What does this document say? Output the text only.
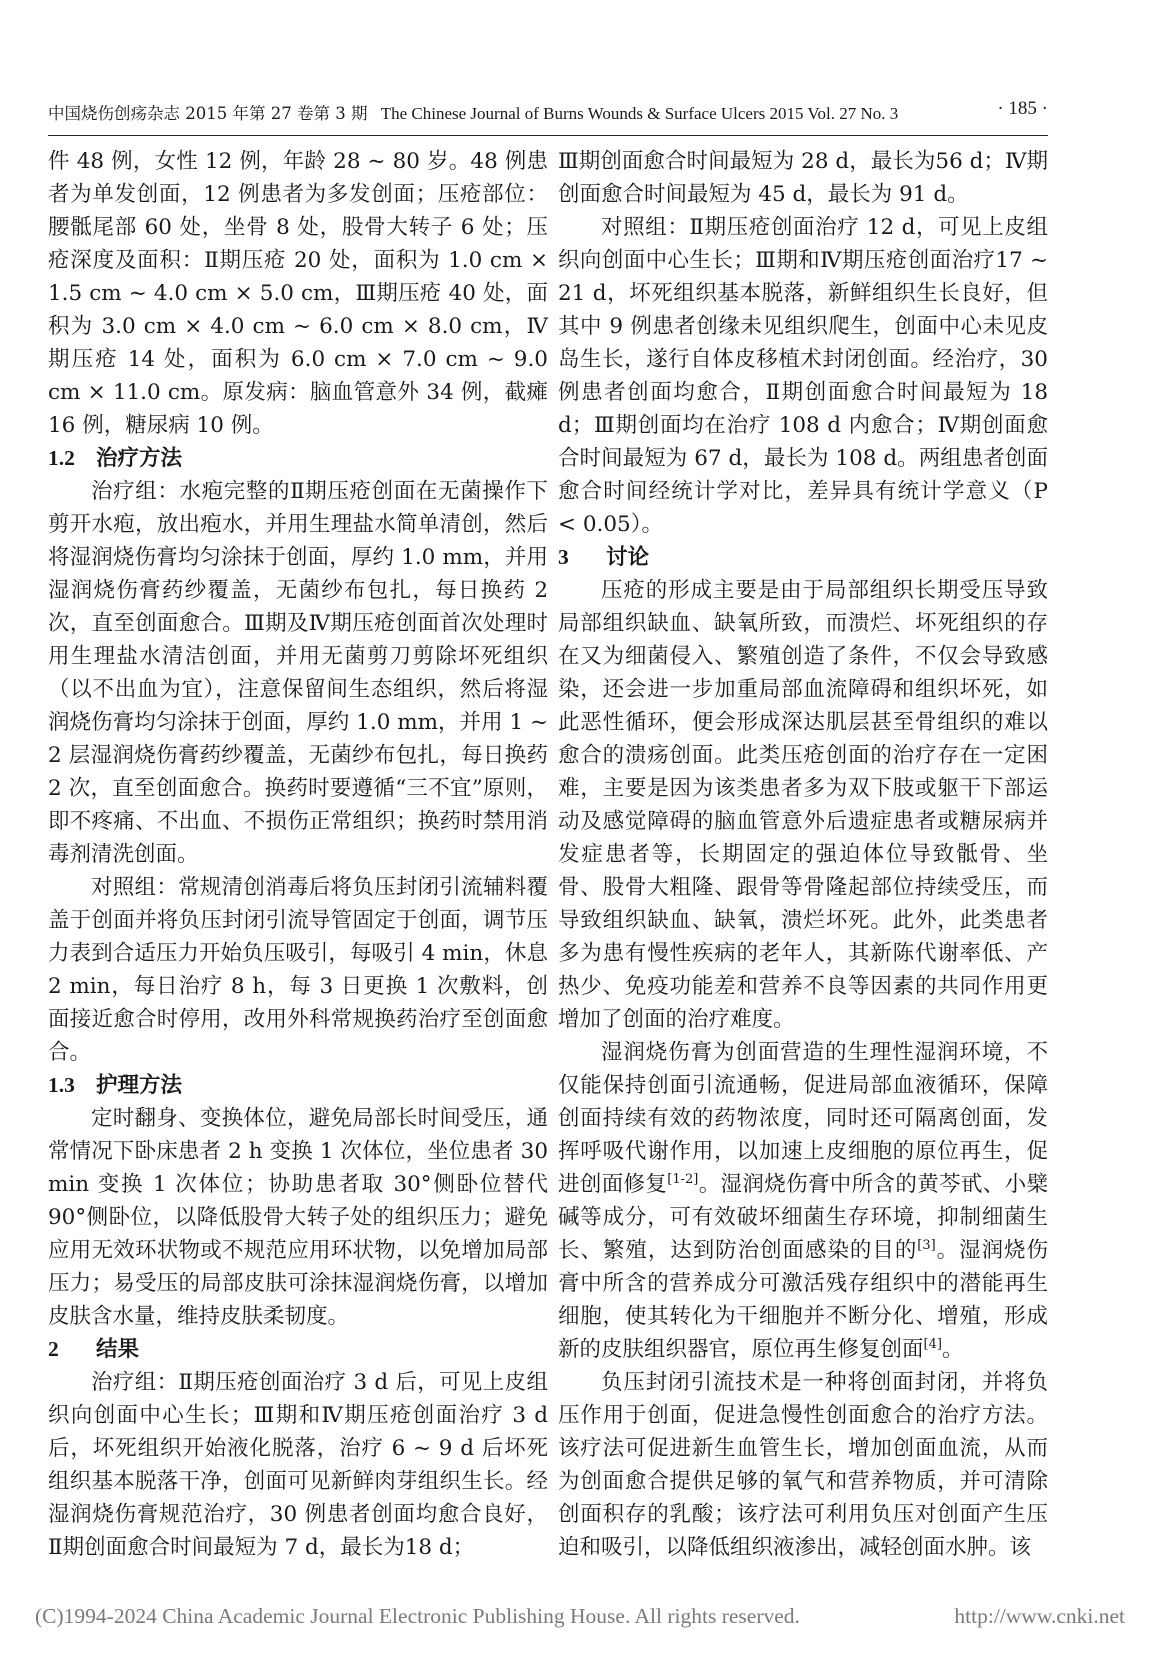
中国烧伤创疡杂志 2015 年第 27 卷第 3 期 The Chinese Journal of Burns Wounds & Surface Ulcers 2015 Vol. 27 No. 3	· 185 ·

件 48 例，女性 12 例，年龄 28 ~ 80 岁。48 例患者为单发创面，12 例患者为多发创面；压疮部位：腰骶尾部 60 处，坐骨 8 处，股骨大转子 6 处；压疮深度及面积：Ⅱ期压疮 20 处，面积为 1.0 cm × 1.5 cm ~ 4.0 cm × 5.0 cm，Ⅲ期压疮 40 处，面积为 3.0 cm × 4.0 cm ~ 6.0 cm × 8.0 cm，Ⅳ期压疮 14 处，面积为 6.0 cm × 7.0 cm ~ 9.0 cm × 11.0 cm。原发病：脑血管意外 34 例，截瘫 16 例，糖尿病 10 例。

1.2 治疗方法

治疗组：水疱完整的Ⅱ期压疮创面在无菌操作下剪开水疱，放出疱水，并用生理盐水简单清创，然后将湿润烧伤膏均匀涂抹于创面，厚约 1.0 mm，并用湿润烧伤膏药纱覆盖，无菌纱布包扎，每日换药 2 次，直至创面愈合。Ⅲ期及Ⅳ期压疮创面首次处理时用生理盐水清洁创面，并用无菌剪刀剪除坏死组织（以不出血为宜），注意保留间生态组织，然后将湿润烧伤膏均匀涂抹于创面，厚约 1.0 mm，并用 1 ~ 2 层湿润烧伤膏药纱覆盖，无菌纱布包扎，每日换药 2 次，直至创面愈合。换药时要遵循“三不宜”原则，即不疼痛、不出血、不损伤正常组织；换药时禁用消毒剂清洗创面。

对照组：常规清创消毒后将负压封闭引流辅料覆盖于创面并将负压封闭引流导管固定于创面，调节压力表到合适压力开始负压吸引，每吸引 4 min，休息2 min，每日治疗 8 h，每 3 日更换 1 次敷料，创面接近愈合时停用，改用外科常规换药治疗至创面愈合。

1.3 护理方法

定时翻身、变换体位，避免局部长时间受压，通常情况下卧床患者 2 h 变换 1 次体位，坐位患者 30 min 变换 1 次体位；协助患者取 30°侧卧位替代 90°侧卧位，以降低股骨大转子处的组织压力；避免应用无效环状物或不规范应用环状物，以免增加局部压力；易受压的局部皮肤可涂抹湿润烧伤膏，以增加皮肤含水量，维持皮肤柔韧度。

2 结果

治疗组：Ⅱ期压疮创面治疗 3 d 后，可见上皮组织向创面中心生长；Ⅲ期和Ⅳ期压疮创面治疗 3 d后，坏死组织开始液化脱落，治疗 6 ~ 9 d 后坏死组织基本脱落干净，创面可见新鲜肉芽组织生长。经湿润烧伤膏规范治疗，30 例患者创面均愈合良好，Ⅱ期创面愈合时间最短为 7 d，最长为18 d；

Ⅲ期创面愈合时间最短为 28 d，最长为56 d；Ⅳ期创面愈合时间最短为 45 d，最长为 91 d。

对照组：Ⅱ期压疮创面治疗 12 d，可见上皮组织向创面中心生长；Ⅲ期和Ⅳ期压疮创面治疗17 ~ 21 d，坏死组织基本脱落，新鲜组织生长良好，但其中 9 例患者创缘未见组织爬生，创面中心未见皮岛生长，遂行自体皮移植术封闭创面。经治疗，30 例患者创面均愈合，Ⅱ期创面愈合时间最短为 18 d；Ⅲ期创面均在治疗 108 d 内愈合；Ⅳ期创面愈合时间最短为 67 d，最长为 108 d。两组患者创面愈合时间经统计学对比，差异具有统计学意义（P < 0.05）。

3 讨论

压疮的形成主要是由于局部组织长期受压导致局部组织缺血、缺氧所致，而溃烂、坏死组织的存在又为细菌侵入、繁殖创造了条件，不仅会导致感染，还会进一步加重局部血流障碍和组织坏死，如此恶性循环，便会形成深达肌层甚至骨组织的难以愈合的溃疡创面。此类压疮创面的治疗存在一定困难，主要是因为该类患者多为双下肢或躯干下部运动及感觉障碍的脑血管意外后遗症患者或糖尿病并发症患者等，长期固定的强迫体位导致骶骨、坐骨、股骨大粗隆、跟骨等骨隆起部位持续受压，而导致组织缺血、缺氧，溃烂坏死。此外，此类患者多为患有慢性疾病的老年人，其新陈代谢率低、产热少、免疫功能差和营养不良等因素的共同作用更增加了创面的治疗难度。

湿润烧伤膏为创面营造的生理性湿润环境，不仅能保持创面引流通畅，促进局部血液循环，保障创面持续有效的药物浓度，同时还可隔离创面，发挥呼吸代谢作用，以加速上皮细胞的原位再生，促进创面修复[1-2]。湿润烧伤膏中所含的黄芩甙、小檗碱等成分，可有效破坏细菌生存环境，抑制细菌生长、繁殖，达到防治创面感染的目的[3]。湿润烧伤膏中所含的营养成分可激活残存组织中的潜能再生细胞，使其转化为干细胞并不断分化、增殖，形成新的皮肤组织器官，原位再生修复创面[4]。

负压封闭引流技术是一种将创面封闭，并将负压作用于创面，促进急慢性创面愈合的治疗方法。该疗法可促进新生血管生长，增加创面血流，从而为创面愈合提供足够的氧气和营养物质，并可清除创面积存的乳酸；该疗法可利用负压对创面产生压迫和吸引，以降低组织液渗出，减轻创面水肿。该

(C)1994-2024 China Academic Journal Electronic Publishing House. All rights reserved.	http://www.cnki.net
